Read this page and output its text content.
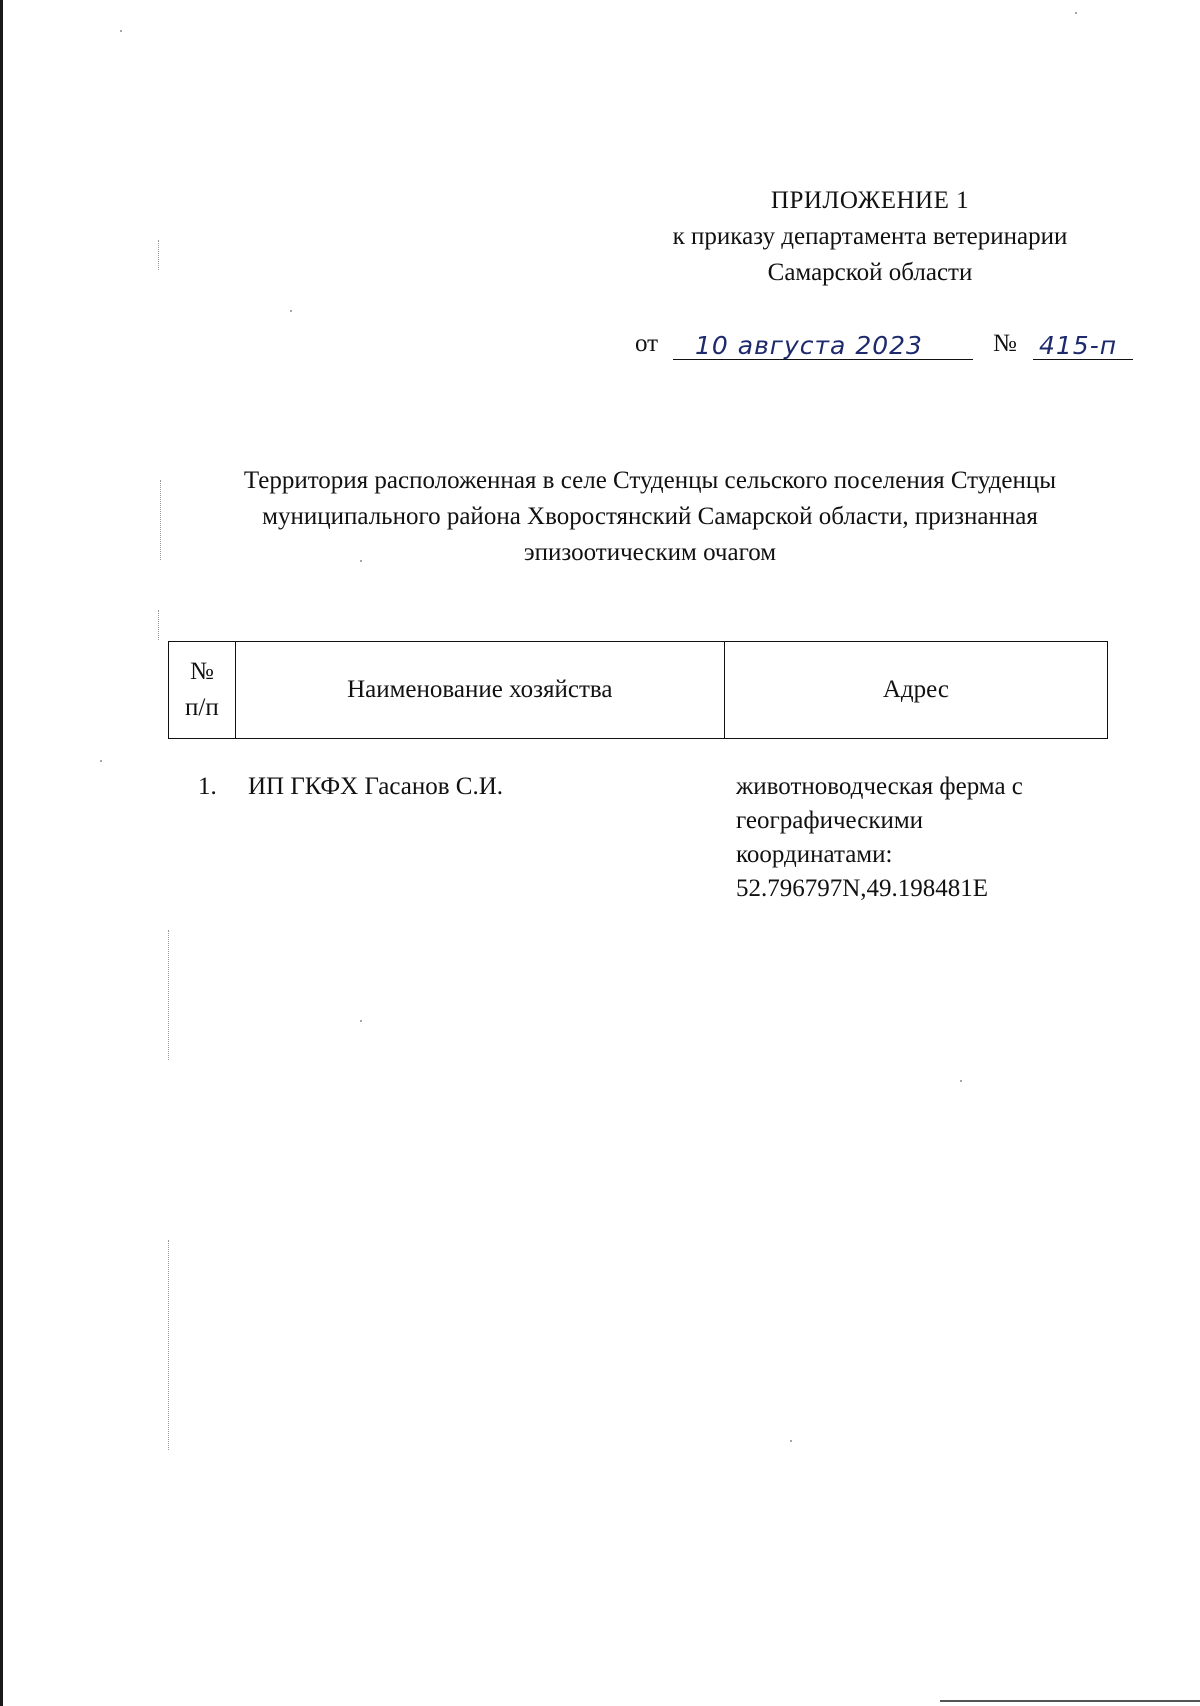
ПРИЛОЖЕНИЕ 1
к приказу департамента ветеринарии
Самарской области
от 10 августа 2023	№ 415-п
Территория расположенная в селе Студенцы сельского поселения Студенцы
муниципального района Хворостянский Самарской области, признанная
эпизоотическим очагом
№
п/п
	Наименование хозяйства	Адрес
1. ИП ГКФХ Гасанов С.И.	животноводческая ферма с
географическими
координатами:
52.796797N,49.198481E
